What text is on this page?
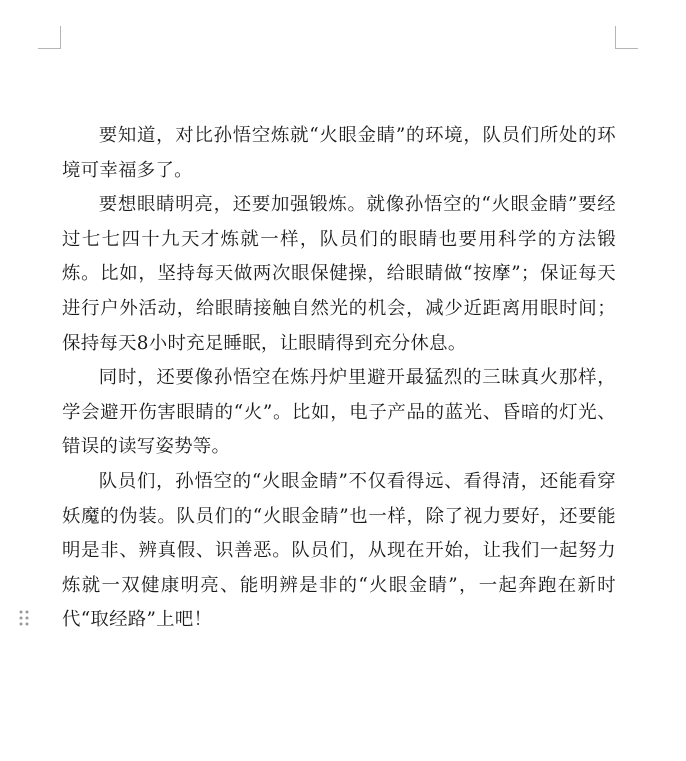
要知道，对比孙悟空炼就“火眼金睛”的环境，队员们所处的环境可幸福多了。

要想眼睛明亮，还要加强锻炼。就像孙悟空的“火眼金睛”要经过七七四十九天才炼就一样，队员们的眼睛也要用科学的方法锻炼。比如，坚持每天做两次眼保健操，给眼睛做“按摩”；保证每天进行户外活动，给眼睛接触自然光的机会，减少近距离用眼时间；保持每天8小时充足睡眠，让眼睛得到充分休息。

同时，还要像孙悟空在炼丹炉里避开最猛烈的三昧真火那样，学会避开伤害眼睛的“火”。比如，电子产品的蓝光、昏暗的灯光、错误的读写姿势等。

队员们，孙悟空的“火眼金睛”不仅看得远、看得清，还能看穿妖魔的伪装。队员们的“火眼金睛”也一样，除了视力要好，还要能明是非、辨真假、识善恶。队员们，从现在开始，让我们一起努力炼就一双健康明亮、能明辨是非的“火眼金睛”，一起奔跑在新时代“取经路”上吧！
